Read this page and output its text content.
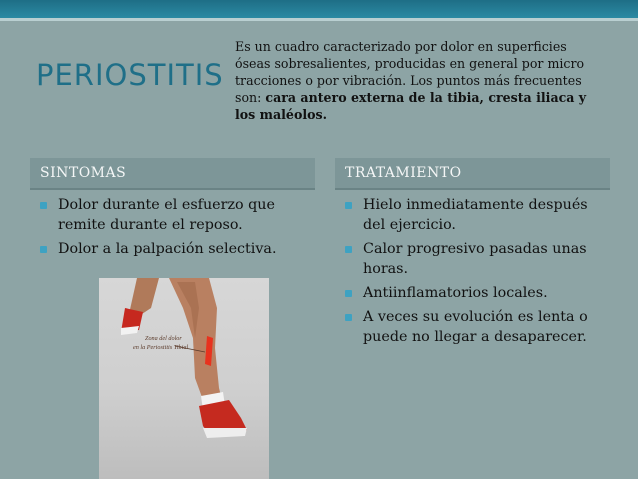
PERIOSTITIS
Es un cuadro caracterizado por dolor en superficies óseas sobresalientes, producidas en general por micro tracciones o por vibración. Los puntos más frecuentes son: cara antero externa de la tibia, cresta iliaca y los maléolos.
SINTOMAS	TRATAMIENTO
Dolor durante el esfuerzo que remite durante el reposo.
Dolor a la palpación selectiva.
Hielo inmediatamente después del ejercicio.
Calor progresivo pasadas unas horas.
Antiinflamatorios locales.
A veces su evolución es lenta o puede no llegar a desaparecer.
Zona del dolor
en la Periostitis Tibial
